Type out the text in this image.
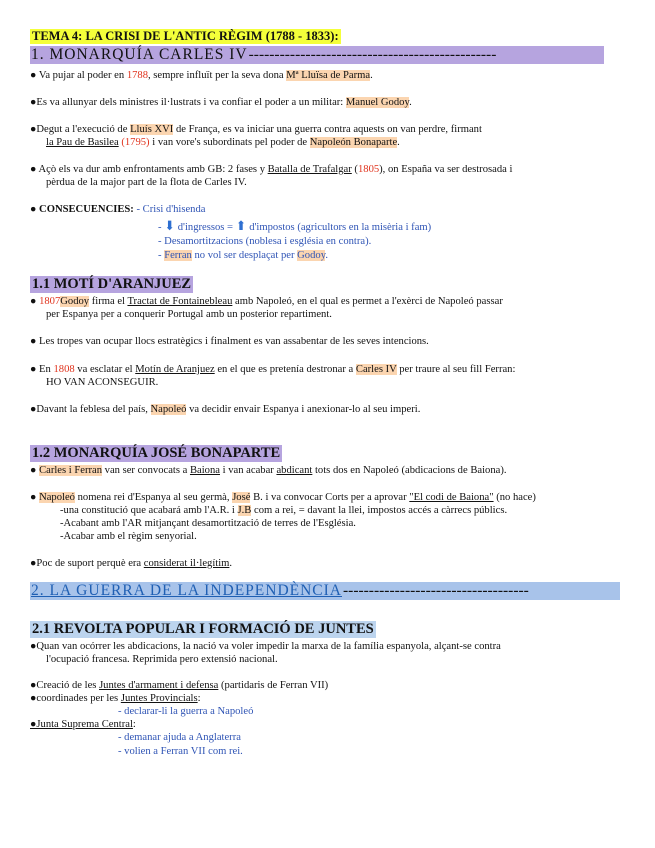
TEMA 4: LA CRISI DE L'ANTIC RÈGIM (1788 - 1833):
1. MONARQUÍA CARLES IV------------------------------------------------
● Va pujar al poder en 1788, sempre influït per la seva dona Mª Lluïsa de Parma.
●Es va allunyar dels ministres il·lustrats i va confiar el poder a un militar: Manuel Godoy.
●Degut a l'execució de Lluís XVI de França, es va iniciar una guerra contra aquests on van perdre, firmant
la Pau de Basilea (1795) i van vore's subordinats pel poder de Napoleón Bonaparte.
● Açò els va dur amb enfrontaments amb GB: 2 fases y Batalla de Trafalgar (1805), on España va ser destrosada i
pèrdua de la major part de la flota de Carles IV.
● CONSECUENCIES: - Crisi d'hisenda
- ⬇ d'ingressos = ⬆ d'impostos (agricultors en la misèria i fam)
- Desamortitzacions (noblesa i església en contra).
- Ferran no vol ser desplaçat per Godoy.
1.1 MOTÍ D'ARANJUEZ
● 1807Godoy firma el Tractat de Fontainebleau amb Napoleó, en el qual es permet a l'exèrci de Napoleó passar
per Espanya per a conquerir Portugal amb un posterior repartiment.
● Les tropes van ocupar llocs estratègics i finalment es van assabentar de les seves intencions.
● En 1808 va esclatar el Motín de Aranjuez en el que es pretenía destronar a Carles IV per traure al seu fill Ferran:
HO VAN ACONSEGUIR.
●Davant la feblesa del país, Napoleó va decidir envair Espanya i anexionar-lo al seu imperi.
1.2 MONARQUÍA JOSÉ BONAPARTE
● Carles i Ferran van ser convocats a Baiona i van acabar abdicant tots dos en Napoleó (abdicacions de Baiona).
● Napoleó nomena rei d'Espanya al seu germà, José B. i va convocar Corts per a aprovar "El codi de Baiona" (no hace)
-una constitució que acabará amb l'A.R. i J.B com a rei, = davant la llei, impostos accés a càrrecs públics.
-Acabant amb l'AR mitjançant desamortització de terres de l'Església.
-Acabar amb el règim senyorial.
●Poc de suport perquè era considerat il·legítim.
2. LA GUERRA DE LA INDEPENDÈNCIA------------------------------------
2.1 REVOLTA POPULAR I FORMACIÓ DE JUNTES
●Quan van ocórrer les abdicacions, la nació va voler impedir la marxa de la família espanyola, alçant-se contra
l'ocupació francesa. Reprimida pero extensió nacional.
●Creació de les Juntes d'armament i defensa (partidaris de Ferran VII)
●coordinades per les Juntes Provincials:
- declarar-li la guerra a Napoleó
●Junta Suprema Central:
- demanar ajuda a Anglaterra
- volien a Ferran VII com rei.
